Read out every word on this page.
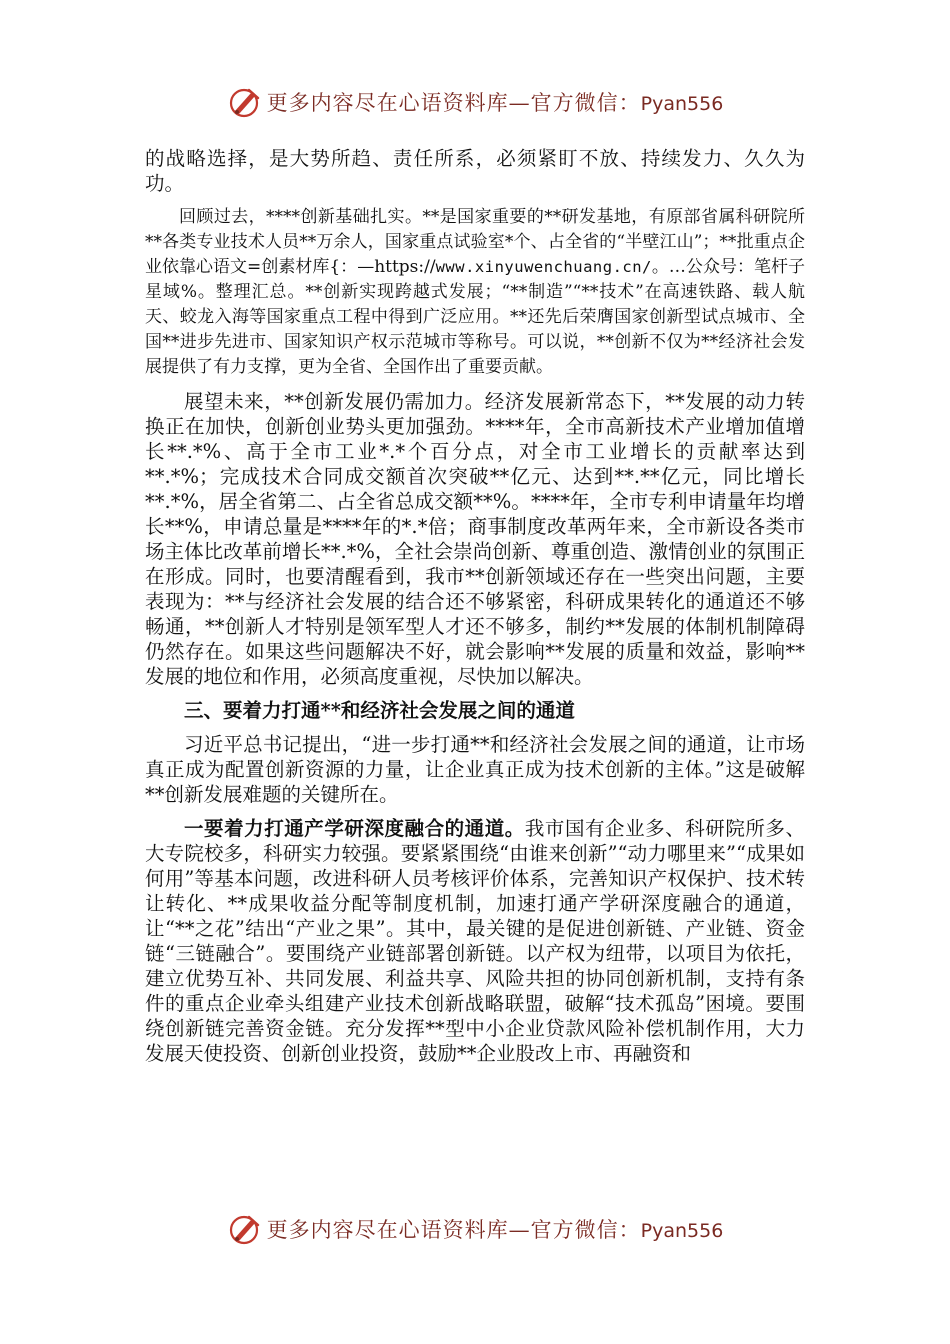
更多内容尽在心语资料库—官方微信：Pyan556

的战略选择，是大势所趋、责任所系，必须紧盯不放、持续发力、久久为功。

回顾过去，****创新基础扎实。**是国家重要的**研发基地，有原部省属科研院所**各类专业技术人员**万余人，国家重点试验室*个、占全省的“半壁江山”；**批重点企业依靠心语文=创素材库{：—https://www.xinyuwenchuang.cn/。…公众号：笔杆子星域%。整理汇总。**创新实现跨越式发展；“**制造”“**技术”在高速铁路、载人航天、蛟龙入海等国家重点工程中得到广泛应用。**还先后荣膺国家创新型试点城市、全国**进步先进市、国家知识产权示范城市等称号。可以说，**创新不仅为**经济社会发展提供了有力支撑，更为全省、全国作出了重要贡献。

展望未来，**创新发展仍需加力。经济发展新常态下，**发展的动力转换正在加快，创新创业势头更加强劲。****年，全市高新技术产业增加值增长**.*%、高于全市工业*.*个百分点，对全市工业增长的贡献率达到**.*%；完成技术合同成交额首次突破**亿元、达到**.**亿元，同比增长**.*%，居全省第二、占全省总成交额**%。****年，全市专利申请量年均增长**%，申请总量是****年的*.*倍；商事制度改革两年来，全市新设各类市场主体比改革前增长**.*%，全社会崇尚创新、尊重创造、激情创业的氛围正在形成。同时，也要清醒看到，我市**创新领域还存在一些突出问题，主要表现为：**与经济社会发展的结合还不够紧密，科研成果转化的通道还不够畅通，**创新人才特别是领军型人才还不够多，制约**发展的体制机制障碍仍然存在。如果这些问题解决不好，就会影响**发展的质量和效益，影响**发展的地位和作用，必须高度重视，尽快加以解决。

三、要着力打通**和经济社会发展之间的通道

习近平总书记提出，“进一步打通**和经济社会发展之间的通道，让市场真正成为配置创新资源的力量，让企业真正成为技术创新的主体。”这是破解**创新发展难题的关键所在。

一要着力打通产学研深度融合的通道。我市国有企业多、科研院所多、大专院校多，科研实力较强。要紧紧围绕“由谁来创新”“动力哪里来”“成果如何用”等基本问题，改进科研人员考核评价体系，完善知识产权保护、技术转让转化、**成果收益分配等制度机制，加速打通产学研深度融合的通道，让“**之花”结出“产业之果”。其中，最关键的是促进创新链、产业链、资金链“三链融合”。要围绕产业链部署创新链。以产权为纽带，以项目为依托，建立优势互补、共同发展、利益共享、风险共担的协同创新机制，支持有条件的重点企业牵头组建产业技术创新战略联盟，破解“技术孤岛”困境。要围绕创新链完善资金链。充分发挥**型中小企业贷款风险补偿机制作用，大力发展天使投资、创新创业投资，鼓励**企业股改上市、再融资和

更多内容尽在心语资料库—官方微信：Pyan556
